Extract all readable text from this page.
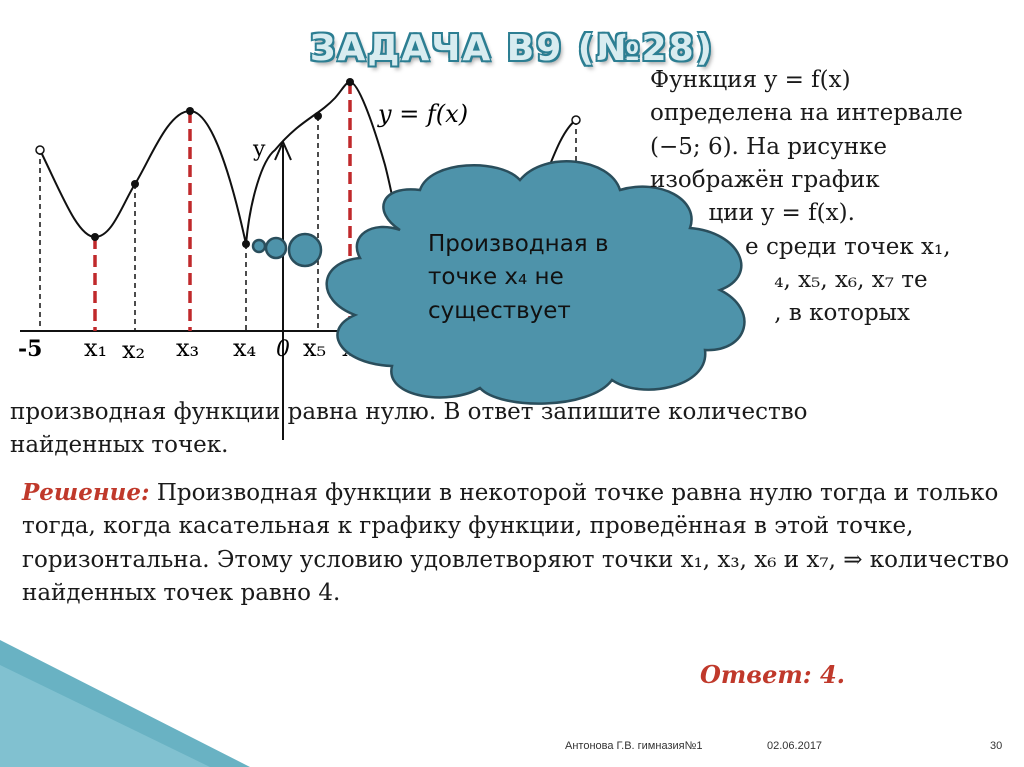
y
y = f(x)
-5	0
x₁ x₂ x₃ x₄ x₅
ЗАДАЧА В9 (№28)
Функция y = f(x)
определена на интервале
(−5; 6). На рисунке
изображён график
ции y = f(x).
е среди точек x₁,
₄, x₅, x₆, x₇ те
, в которых
производная функции равна нулю. В ответ запишите количество
найденных точек.
Производная в
точке x₄ не
существует
Решение: Производная функции в некоторой точке равна нулю тогда и только тогда, когда касательная к графику функции, проведённая в этой точке, горизонтальна. Этому условию удовлетворяют точки x₁, x₃, x₆ и x₇, ⇒ количество найденных точек равно 4.
Ответ: 4.
Антонова Г.В. гимназия№1	02.06.2017	30
